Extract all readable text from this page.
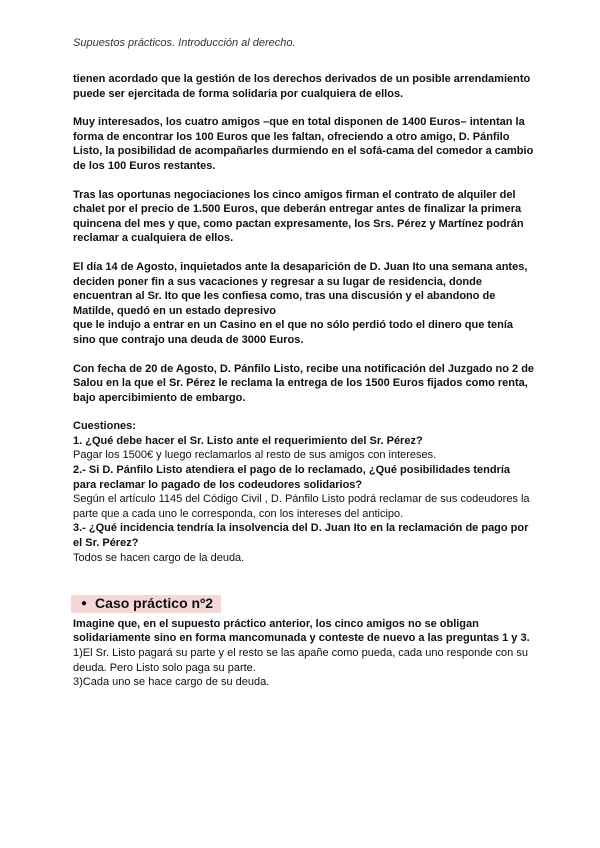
Supuestos prácticos. Introducción al derecho.

tienen acordado que la gestión de los derechos derivados de un posible arrendamiento puede ser ejercitada de forma solidaria por cualquiera de ellos.

Muy interesados, los cuatro amigos –que en total disponen de 1400 Euros– intentan la forma de encontrar los 100 Euros que les faltan, ofreciendo a otro amigo, D. Pánfilo Listo, la posibilidad de acompañarles durmiendo en el sofá-cama del comedor a cambio de los 100 Euros restantes.

Tras las oportunas negociaciones los cinco amigos firman el contrato de alquiler del chalet por el precio de 1.500 Euros, que deberán entregar antes de finalizar la primera quincena del mes y que, como pactan expresamente, los Srs. Pérez y Martínez podrán reclamar a cualquiera de ellos.

El día 14 de Agosto, inquietados ante la desaparición de D. Juan Ito una semana antes, deciden poner fin a sus vacaciones y regresar a su lugar de residencia, donde encuentran al Sr. Ito que les confiesa como, tras una discusión y el abandono de Matilde, quedó en un estado depresivo

que le indujo a entrar en un Casino en el que no sólo perdió todo el dinero que tenía sino que contrajo una deuda de 3000 Euros.

Con fecha de 20 de Agosto, D. Pánfilo Listo, recibe una notificación del Juzgado no 2 de Salou en la que el Sr. Pérez le reclama la entrega de los 1500 Euros fijados como renta, bajo apercibimiento de embargo.

Cuestiones:
1. ¿Qué debe hacer el Sr. Listo ante el requerimiento del Sr. Pérez?
Pagar los 1500€ y luego reclamarlos al resto de sus amigos con intereses.
2.- Si D. Pánfilo Listo atendiera el pago de lo reclamado, ¿Qué posibilidades tendría para reclamar lo pagado de los codeudores solidarios?
Según el artículo 1145 del Código Civil , D. Pánfilo Listo podrá reclamar de sus codeudores la parte que a cada uno le corresponda, con los intereses del anticipo.
3.- ¿Qué incidencia tendría la insolvencia del D. Juan Ito en la reclamación de pago por el Sr. Pérez?
Todos se hacen cargo de la deuda.
● Caso práctico nº2
Imagine que, en el supuesto práctico anterior, los cinco amigos no se obligan solidariamente sino en forma mancomunada y conteste de nuevo a las preguntas 1 y 3.
1)El Sr. Listo pagará su parte y el resto se las apañe como pueda, cada uno responde con su deuda. Pero Listo solo paga su parte.
3)Cada uno se hace cargo de su deuda.
